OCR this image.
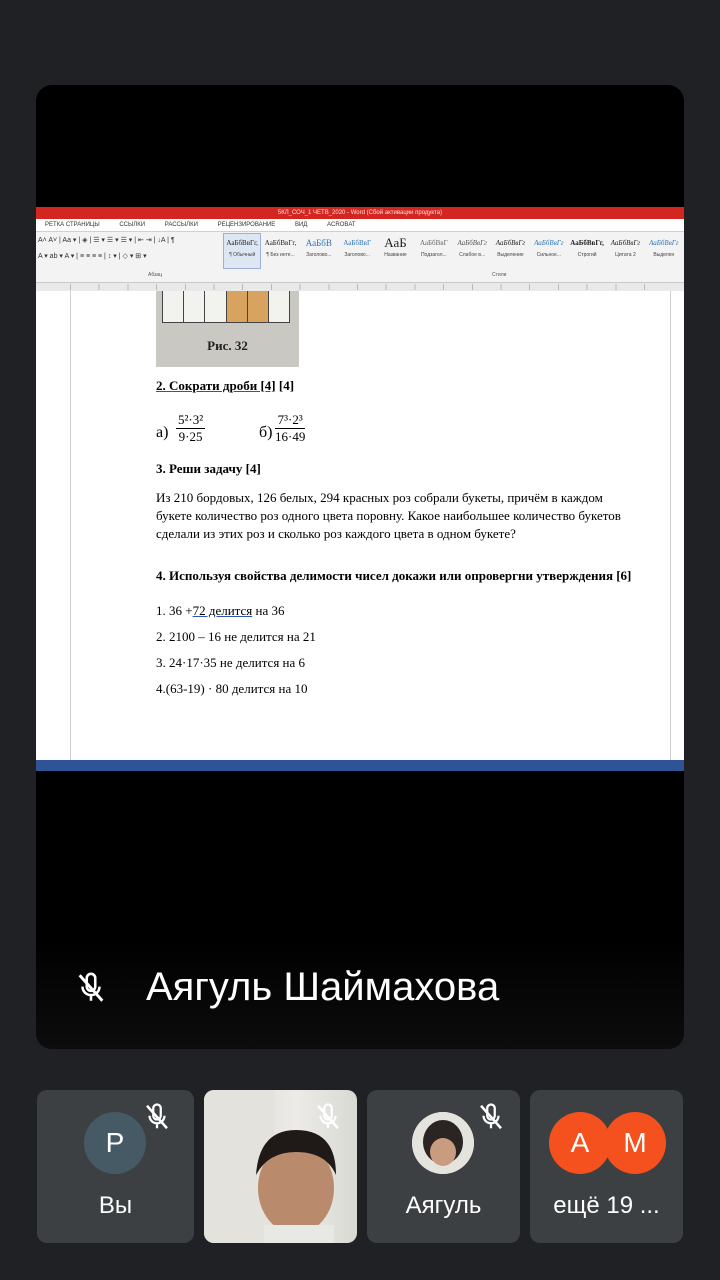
5КЛ_СОЧ_1 ЧЕТВ_2020 - Word (Сбой активации продукта)
РЕТКА СТРАНИЦЫ	ССЫЛКИ	РАССЫЛКИ	РЕЦЕНЗИРОВАНИЕ	ВИД	ACROBAT
A˄ A˅ | Aa ▾ | ◈ | ☰ ▾ ☰ ▾ ☰ ▾ | ⇤ ⇥ | ↓A | ¶
A ▾ ab ▾ A ▾ | ≡ ≡ ≡ ≡ | ↕ ▾ | ◇ ▾ ⊞ ▾
АаБбВвГг,
¶ Обычный
АаБбВвГг,
¶ Без инте...
АаБбВ
Заголово...
АаБбВвГ
Заголово...
АаБ
Название
АаБбВвГ
Подзагол...
АаБбВвГг
Слабое в...
АаБбВвГг
Выделение
АаБбВвГг
Сильное...
АаБбВвГг,
Строгий
АаБбВвГг
Цитата 2
АаБбВвГг
Выделен
Абзац	Стили
Рис. 32
2. Сократи дроби [4] [4]
$а) \frac{\text{5²·3²}}{9\cdot 25}$	$б) \frac{\text{7³·2³}}{16\cdot 49}$
3. Реши задачу [4]
Из 210 бордовых, 126 белых, 294 красных роз собрали букеты, причём в каждом букете количество роз одного цвета поровну. Какое наибольшее количество букетов сделали из этих роз и сколько роз каждого цвета в одном букете?
4. Используя свойства делимости чисел докажи или опровергни утверждения [6]
1. 36 +72 делится на 36
2. 2100 – 16 не делится на 21
3. 24·17·35 не делится на 6
4.(63-19) · 80 делится на 10
Аягуль Шаймахова
Р
Вы	Аягуль
А	М
ещё 19 ...
